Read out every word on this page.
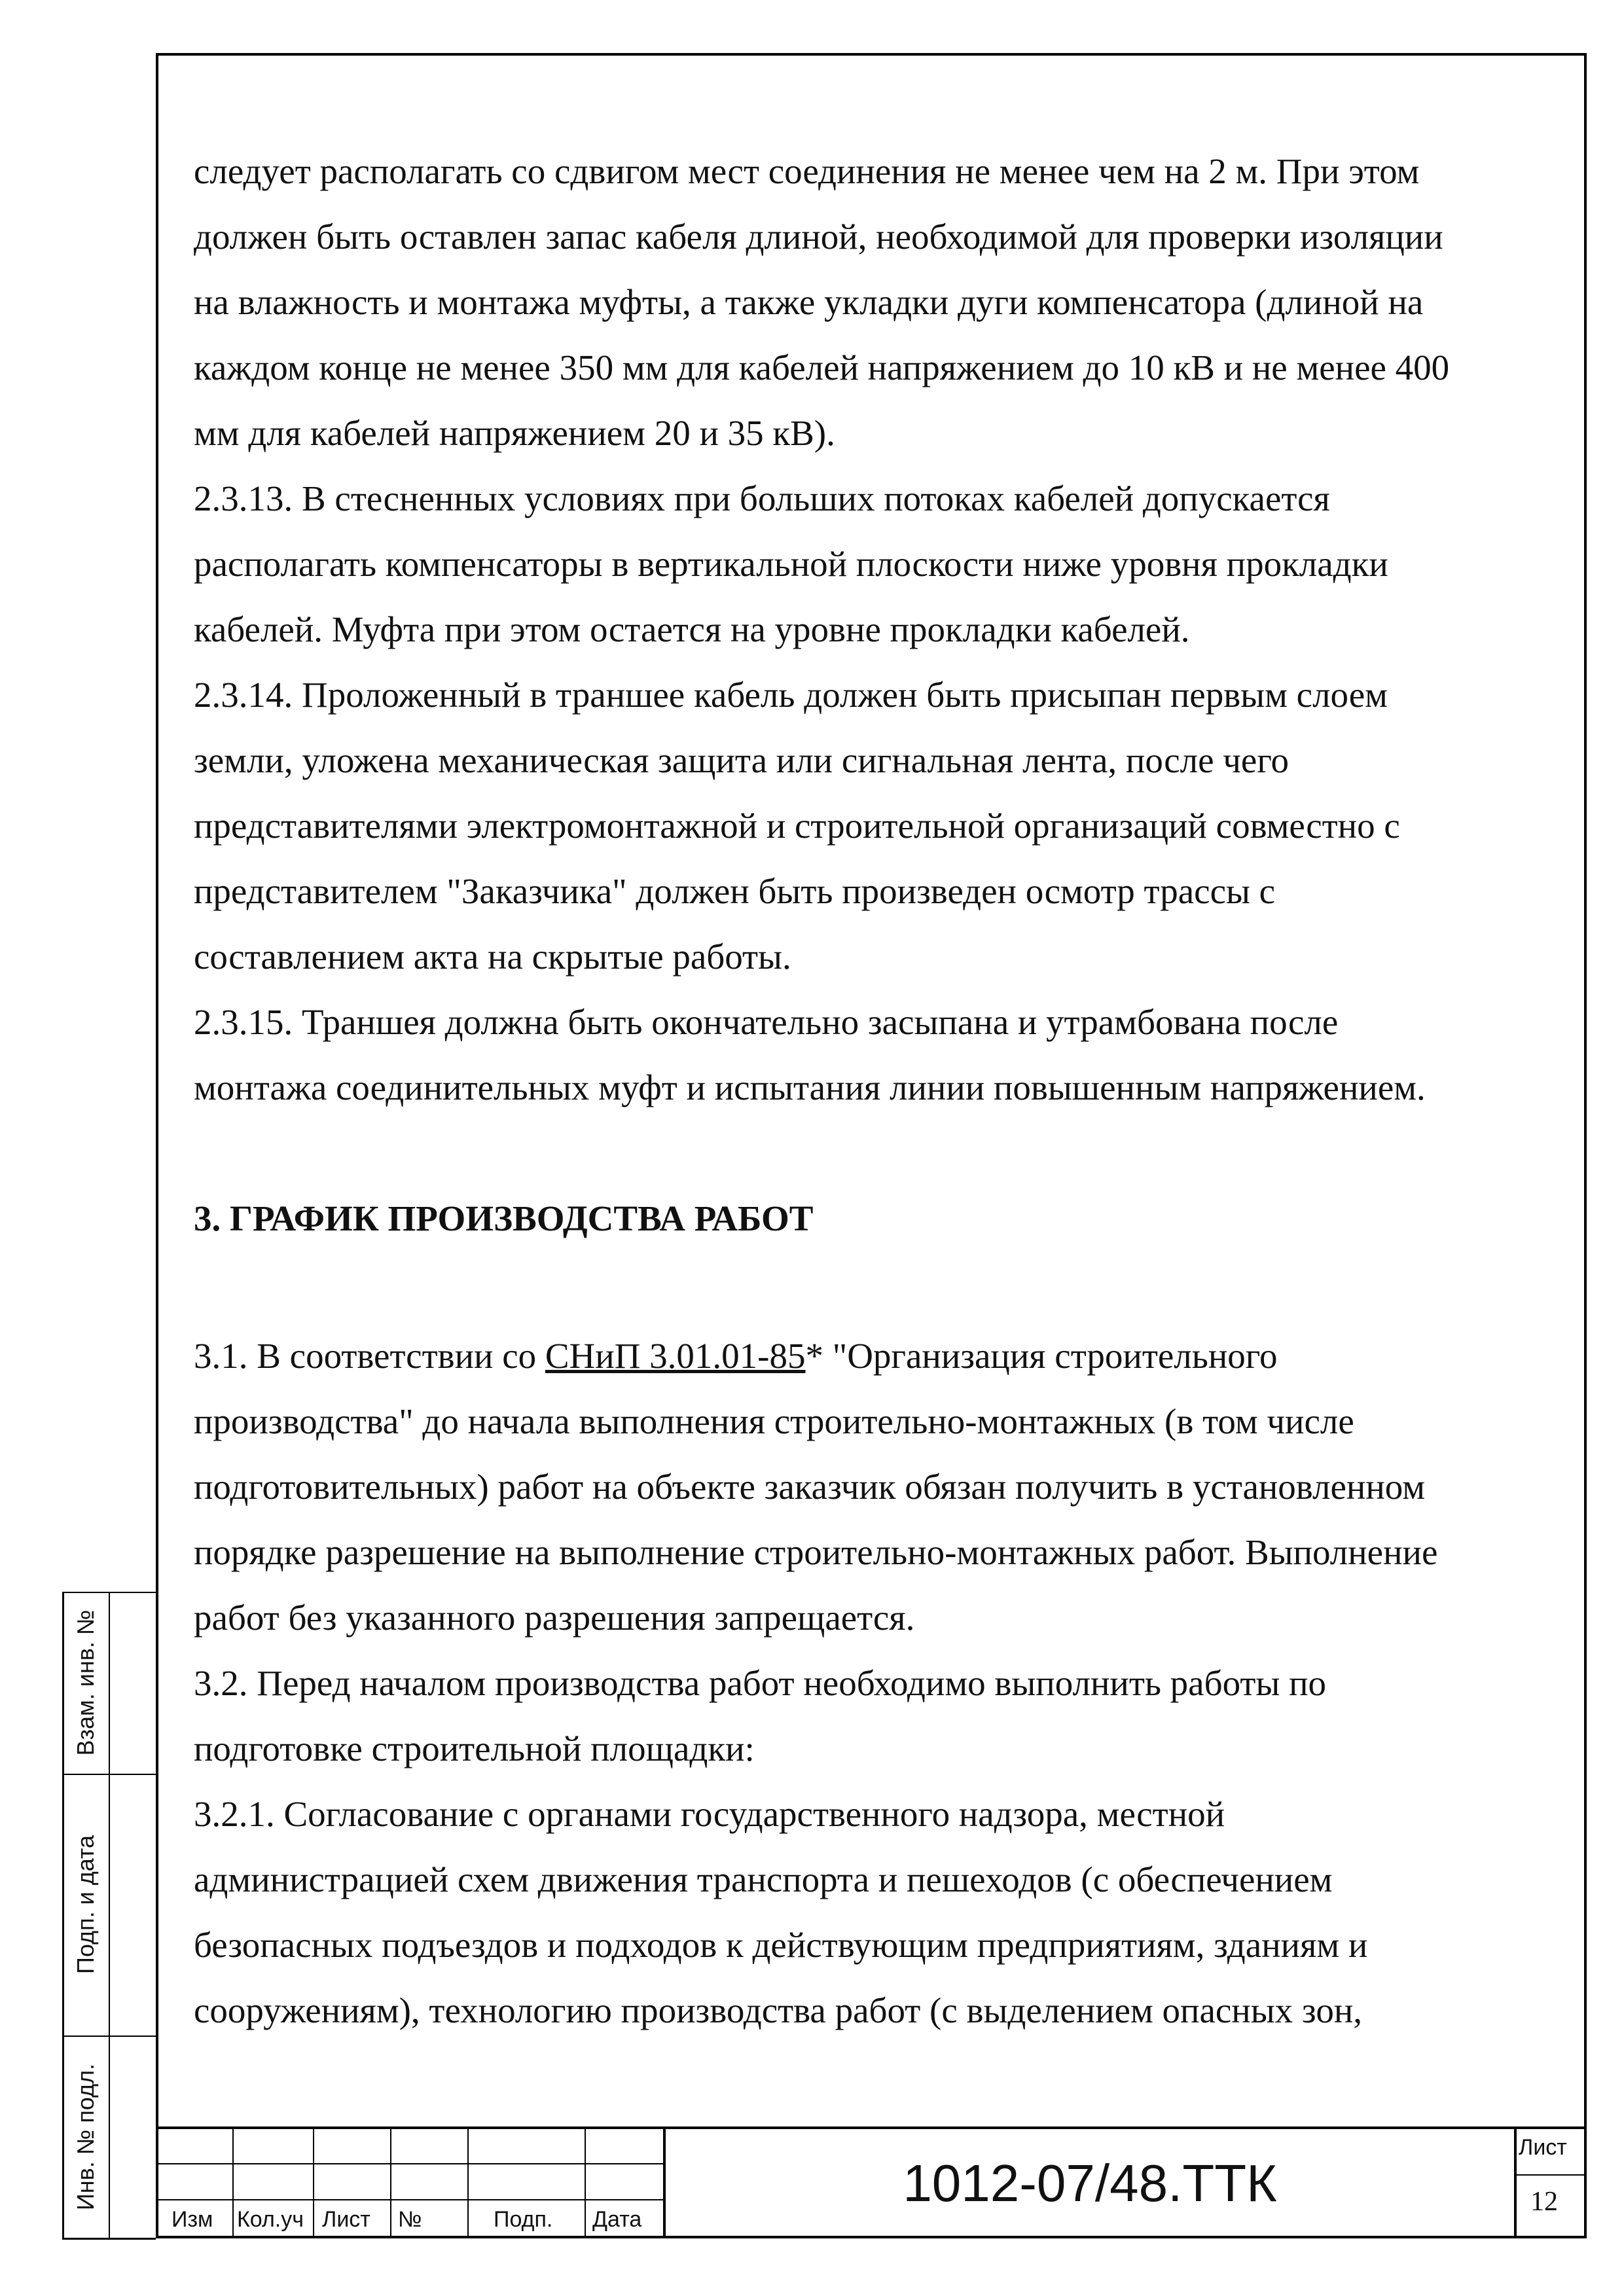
следует располагать со сдвигом мест соединения не менее чем на 2 м. При этом
должен быть оставлен запас кабеля длиной, необходимой для проверки изоляции
на влажность и монтажа муфты, а также укладки дуги компенсатора (длиной на
каждом конце не менее 350 мм для кабелей напряжением до 10 кВ и не менее 400
мм для кабелей напряжением 20 и 35 кВ).
2.3.13. В стесненных условиях при больших потоках кабелей допускается
располагать компенсаторы в вертикальной плоскости ниже уровня прокладки
кабелей. Муфта при этом остается на уровне прокладки кабелей.
2.3.14. Проложенный в траншее кабель должен быть присыпан первым слоем
земли, уложена механическая защита или сигнальная лента, после чего
представителями электромонтажной и строительной организаций совместно с
представителем "Заказчика" должен быть произведен осмотр трассы с
составлением акта на скрытые работы.
2.3.15. Траншея должна быть окончательно засыпана и утрамбована после
монтажа соединительных муфт и испытания линии повышенным напряжением.
3. ГРАФИК ПРОИЗВОДСТВА РАБОТ
3.1. В соответствии со СНиП 3.01.01-85* "Организация строительного
производства" до начала выполнения строительно-монтажных (в том числе
подготовительных) работ на объекте заказчик обязан получить в установленном
порядке разрешение на выполнение строительно-монтажных работ. Выполнение
работ без указанного разрешения запрещается.
3.2. Перед началом производства работ необходимо выполнить работы по
подготовке строительной площадки:
3.2.1. Согласование с органами государственного надзора, местной
администрацией схем движения транспорта и пешеходов (с обеспечением
безопасных подъездов и подходов к действующим предприятиям, зданиям и
сооружениям), технологию производства работ (с выделением опасных зон,
Изм Кол.уч Лист №	Подп. Дата
1012-07/48.ТТК
Лист
12
Взам. инв. №
Подп. и дата
Инв. № подл.
